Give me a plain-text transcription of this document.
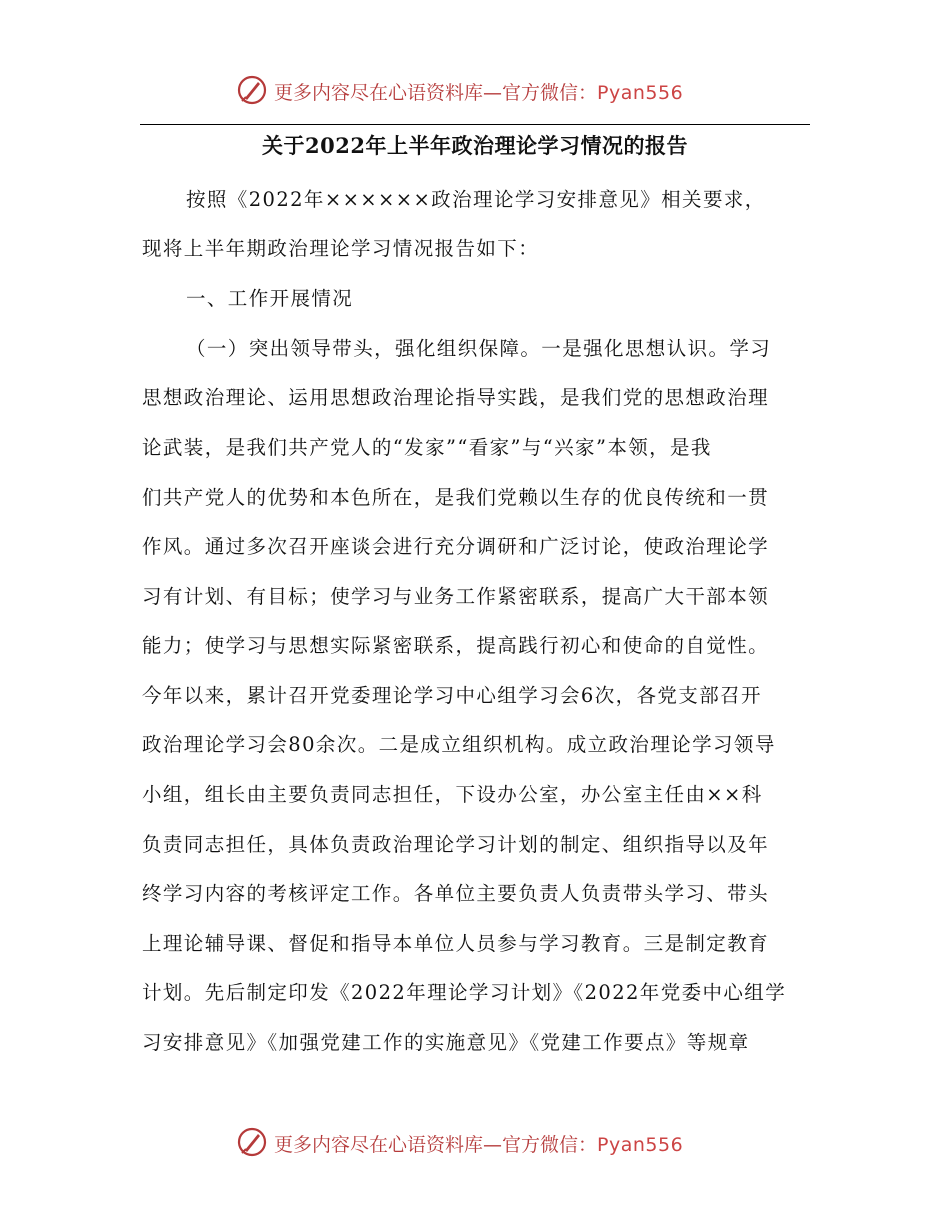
更多内容尽在心语资料库—官方微信：Pyan556
关于2022年上半年政治理论学习情况的报告
按照《2022年××××××政治理论学习安排意见》相关要求，
现将上半年期政治理论学习情况报告如下：
一、工作开展情况
（一）突出领导带头，强化组织保障。一是强化思想认识。学习
思想政治理论、运用思想政治理论指导实践，是我们党的思想政治理
论武装，是我们共产党人的“发家”“看家”与“兴家”本领，是我
们共产党人的优势和本色所在，是我们党赖以生存的优良传统和一贯
作风。通过多次召开座谈会进行充分调研和广泛讨论，使政治理论学
习有计划、有目标；使学习与业务工作紧密联系，提高广大干部本领
能力；使学习与思想实际紧密联系，提高践行初心和使命的自觉性。
今年以来，累计召开党委理论学习中心组学习会6次，各党支部召开
政治理论学习会80余次。二是成立组织机构。成立政治理论学习领导
小组，组长由主要负责同志担任，下设办公室，办公室主任由××科
负责同志担任，具体负责政治理论学习计划的制定、组织指导以及年
终学习内容的考核评定工作。各单位主要负责人负责带头学习、带头
上理论辅导课、督促和指导本单位人员参与学习教育。三是制定教育
计划。先后制定印发《2022年理论学习计划》《2022年党委中心组学
习安排意见》《加强党建工作的实施意见》《党建工作要点》等规章
更多内容尽在心语资料库—官方微信：Pyan556
